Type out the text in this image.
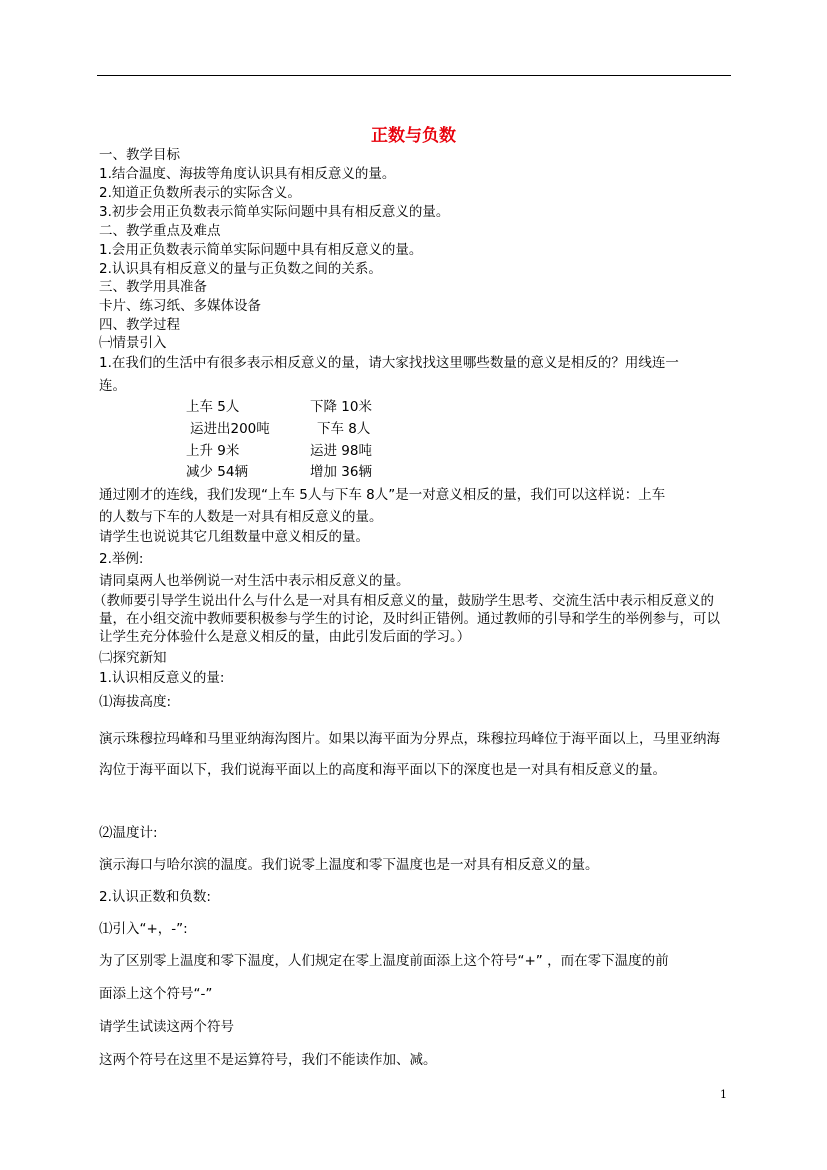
正数与负数
一、教学目标
1.结合温度、海拔等角度认识具有相反意义的量。
2.知道正负数所表示的实际含义。
3.初步会用正负数表示简单实际问题中具有相反意义的量。
二、教学重点及难点
1.会用正负数表示简单实际问题中具有相反意义的量。
2.认识具有相反意义的量与正负数之间的关系。
三、教学用具准备
卡片、练习纸、多媒体设备
四、教学过程
㈠情景引入
1.在我们的生活中有很多表示相反意义的量，请大家找找这里哪些数量的意义是相反的？用线连一
连。
上车 5人
运进出200吨
上升 9米
减少 54辆
下降 10米
下车 8人
运进 98吨
增加 36辆
通过刚才的连线，我们发现“上车 5人与下车 8人”是一对意义相反的量，我们可以这样说：上车
的人数与下车的人数是一对具有相反意义的量。
请学生也说说其它几组数量中意义相反的量。
2.举例:
请同桌两人也举例说一对生活中表示相反意义的量。
（教师要引导学生说出什么与什么是一对具有相反意义的量，鼓励学生思考、交流生活中表示相反意义的量，在小组交流中教师要积极参与学生的讨论，及时纠正错例。通过教师的引导和学生的举例参与，可以让学生充分体验什么是意义相反的量，由此引发后面的学习。）
㈡探究新知
1.认识相反意义的量:
⑴海拔高度:
演示珠穆拉玛峰和马里亚纳海沟图片。如果以海平面为分界点，珠穆拉玛峰位于海平面以上，马里亚纳海沟位于海平面以下，我们说海平面以上的高度和海平面以下的深度也是一对具有相反意义的量。
⑵温度计:
演示海口与哈尔滨的温度。我们说零上温度和零下温度也是一对具有相反意义的量。
2.认识正数和负数:
⑴引入“+，-”:
为了区别零上温度和零下温度，人们规定在零上温度前面添上这个符号“+” ，而在零下温度的前
面添上这个符号“-”
请学生试读这两个符号
这两个符号在这里不是运算符号，我们不能读作加、减。
1
